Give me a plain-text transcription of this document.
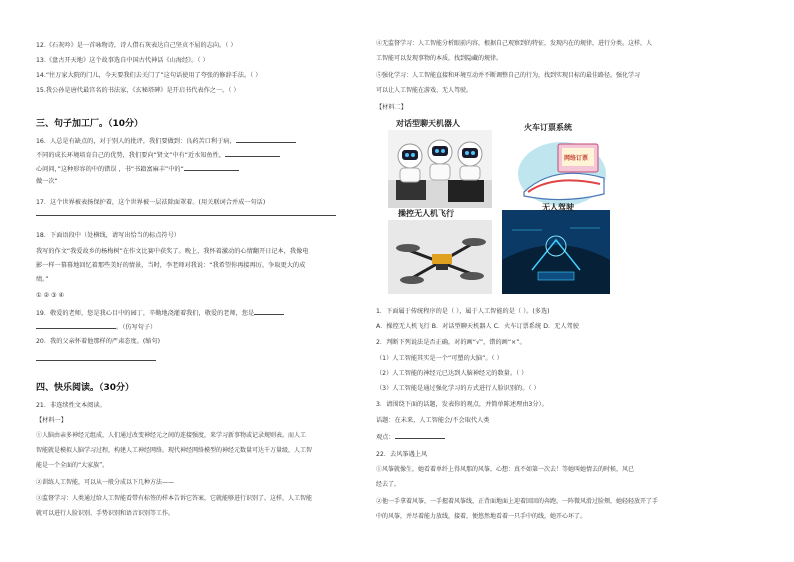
12.《石灰吟》是一首咏物诗，诗人借石灰表达自己坚贞不屈的志向。（ ）
13.《盘古开天地》这个故事选自中国古代神话《山海经》。（ ）
14.“往万家大院的门儿，今天要我们去关门了”这句话使用了夸张的修辞手法。（ ）
15.我公孙是唐代最宫名的书法家，《玄秘塔碑》是开启书代表作之一。（ ）
三、句子加工厂。（10分）
16．人总是有缺点的，对于别人的批评，我们要做到：良药苦口利于病，
不同的成长环境培育自己的优势，我们要向“贤文”中有“近水知鱼性，
心问问，”这种形容的中的错误 ，书“书籍富麻丰”中的“
做一次“
17．这个世界被表扬保护着，这个世界被一层祛除面罩着。(用关联词合并成一句话)
18．下面语段中（处横线，请写出恰当的标点符号）
我写的作文“我爱故乡的杨梅树”在作文比赛中获奖了。晚上，我怀着激动的心情翻开日记本，我像电
影一样一幕幕地回忆着那些美好的情景，当时，李老师对我说：“我希望你再接再厉，争取更大的成
绩。”
① ② ③ ④
19．敬爱的老师，您是我心目中的园丁，辛勤地浇灌着我们，敬爱的老师，您是
。（仿写句子）
20．我的父亲怀着他那样的严肃态度。(缩句)
四、快乐阅读。（30分）
21．非连续性文本阅读。
【材料一】
①人脑由亲多神经元组成，人们通过改变神经元之间的连接强度，来学习新事物或记录规则表。而人工
智能就是模拟人脑学习过程，构建人工神经网络。现代神经网络模型的神经元数量可达千万量级，人工智
能是一个全面的“大家族”。
②训练人工智能，可以从一般分成以下几种方法——
③监督学习：人类通过给人工智能看带有标签的样本告诉它答案，它就能够进行识别了。这样，人工智能
就可以进行人脸识别、手势识别和语音识别等工作。
④无监督学习：人工智能分析眼前内容，根据自己观察到的特征，发现内在的规律，进行分类。这样，人
工智能可以发现事物的本质，找到隐藏的规律。
⑤强化学习：人工智能直接和环境互动并不断调整自己的行为，找到实现目标的最佳路径。强化学习
可以让人工智能在游戏、无人驾驶。
【材料二】
对话型聊天机器人	火车订票系统
网络订票
操控无人机飞行
无人驾驶
1．下面属于传统程序的是（ ），属于人工智能的是（ ）。(多选)
A．操控无人机飞行 B．对话型聊天机器人 C．火车订票系统 D．无人驾驶
2．判断下列说法是否正确，对的画“√”，错的画“×”。
（1）人工智能其实是一个“可塑的大脑”。（ ）
（2）人工智能的神经元已达到人脑神经元的数量。（ ）
（3）人工智能是通过强化学习的方式进行人脸识别的。（ ）
3．请围绕下面的话题，发表你的观点，并简单陈述理由3分）。
话题：在未来，人工智能会/不会取代人类
观点：
22．去风筝遇上风
①风筝就像生，她看着单纤上得风那的风筝，心想：真不如第一次去！等她叫她情去的时候，风已
经去了。
②他一手拿着风筝，一手握着风筝线，正背面地面上迎着回回的奔跑，一阵微风滑过脸颊，她轻轻放开了手
中的风筝，并尽着能力放线，接着，便悠然地看着一只手中的线，她开心坏了。
